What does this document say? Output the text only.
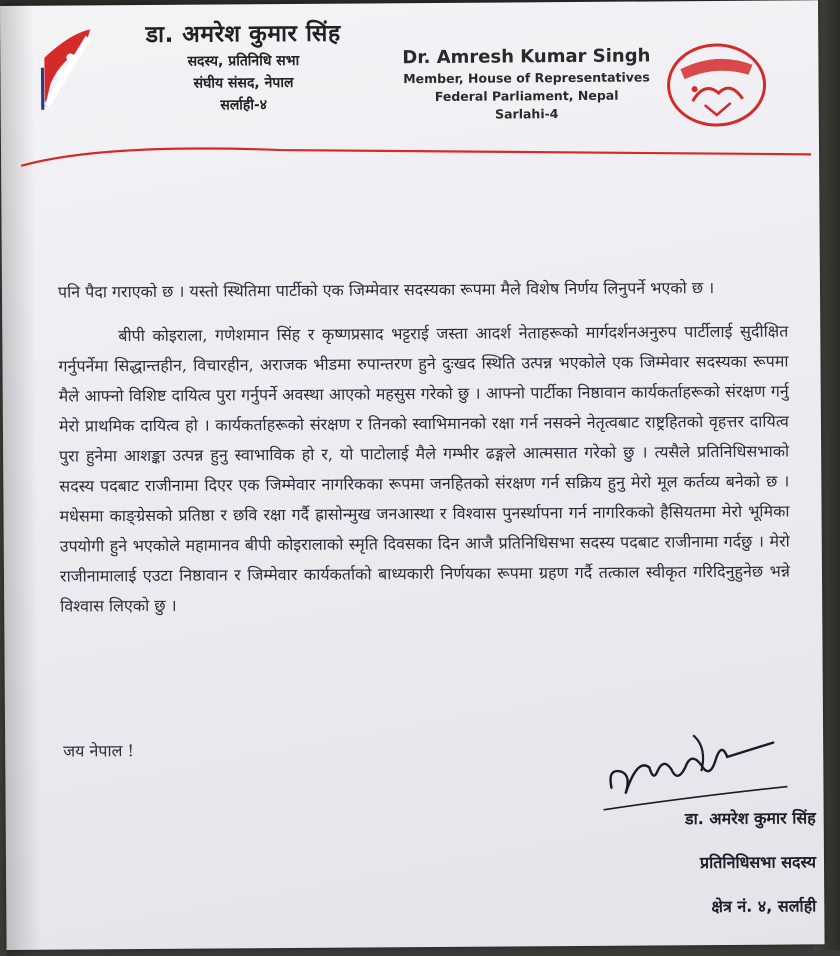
डा. अमरेश कुमार सिंह
सदस्य, प्रतिनिधि सभा
संघीय संसद, नेपाल
सर्लाही-४
Dr. Amresh Kumar Singh
Member, House of Representatives
Federal Parliament, Nepal
Sarlahi-4

पनि पैदा गराएको छ । यस्तो स्थितिमा पार्टीको एक जिम्मेवार सदस्यका रूपमा मैले विशेष निर्णय लिनुपर्ने भएको छ ।

बीपी कोइराला, गणेशमान सिंह र कृष्णप्रसाद भट्टराई जस्ता आदर्श नेताहरूको मार्गदर्शनअनुरुप पार्टीलाई सुदीक्षित गर्नुपर्नेमा सिद्धान्तहीन, विचारहीन, अराजक भीडमा रुपान्तरण हुने दुःखद स्थिति उत्पन्न भएकोले एक जिम्मेवार सदस्यका रूपमा मैले आफ्नो विशिष्ट दायित्व पुरा गर्नुपर्ने अवस्था आएको महसुस गरेको छु । आफ्नो पार्टीका निष्ठावान कार्यकर्ताहरूको संरक्षण गर्नु मेरो प्राथमिक दायित्व हो । कार्यकर्ताहरूको संरक्षण र तिनको स्वाभिमानको रक्षा गर्न नसक्ने नेतृत्वबाट राष्ट्रहितको वृहत्तर दायित्व पुरा हुनेमा आशङ्का उत्पन्न हुनु स्वाभाविक हो र, यो पाटोलाई मैले गम्भीर ढङ्गले आत्मसात गरेको छु । त्यसैले प्रतिनिधिसभाको सदस्य पदबाट राजीनामा दिएर एक जिम्मेवार नागरिकका रूपमा जनहितको संरक्षण गर्न सक्रिय हुनु मेरो मूल कर्तव्य बनेको छ । मधेसमा काङ्ग्रेसको प्रतिष्ठा र छवि रक्षा गर्दै ह्रासोन्मुख जनआस्था र विश्वास पुनर्स्थापना गर्न नागरिकको हैसियतमा मेरो भूमिका उपयोगी हुने भएकोले महामानव बीपी कोइरालाको स्मृति दिवसका दिन आजै प्रतिनिधिसभा सदस्य पदबाट राजीनामा गर्दछु । मेरो राजीनामालाई एउटा निष्ठावान र जिम्मेवार कार्यकर्ताको बाध्यकारी निर्णयका रूपमा ग्रहण गर्दै तत्काल स्वीकृत गरिदिनुहुनेछ भन्ने विश्वास लिएको छु ।

जय नेपाल !
डा. अमरेश कुमार सिंह
प्रतिनिधिसभा सदस्य
क्षेत्र नं. ४, सर्लाही
